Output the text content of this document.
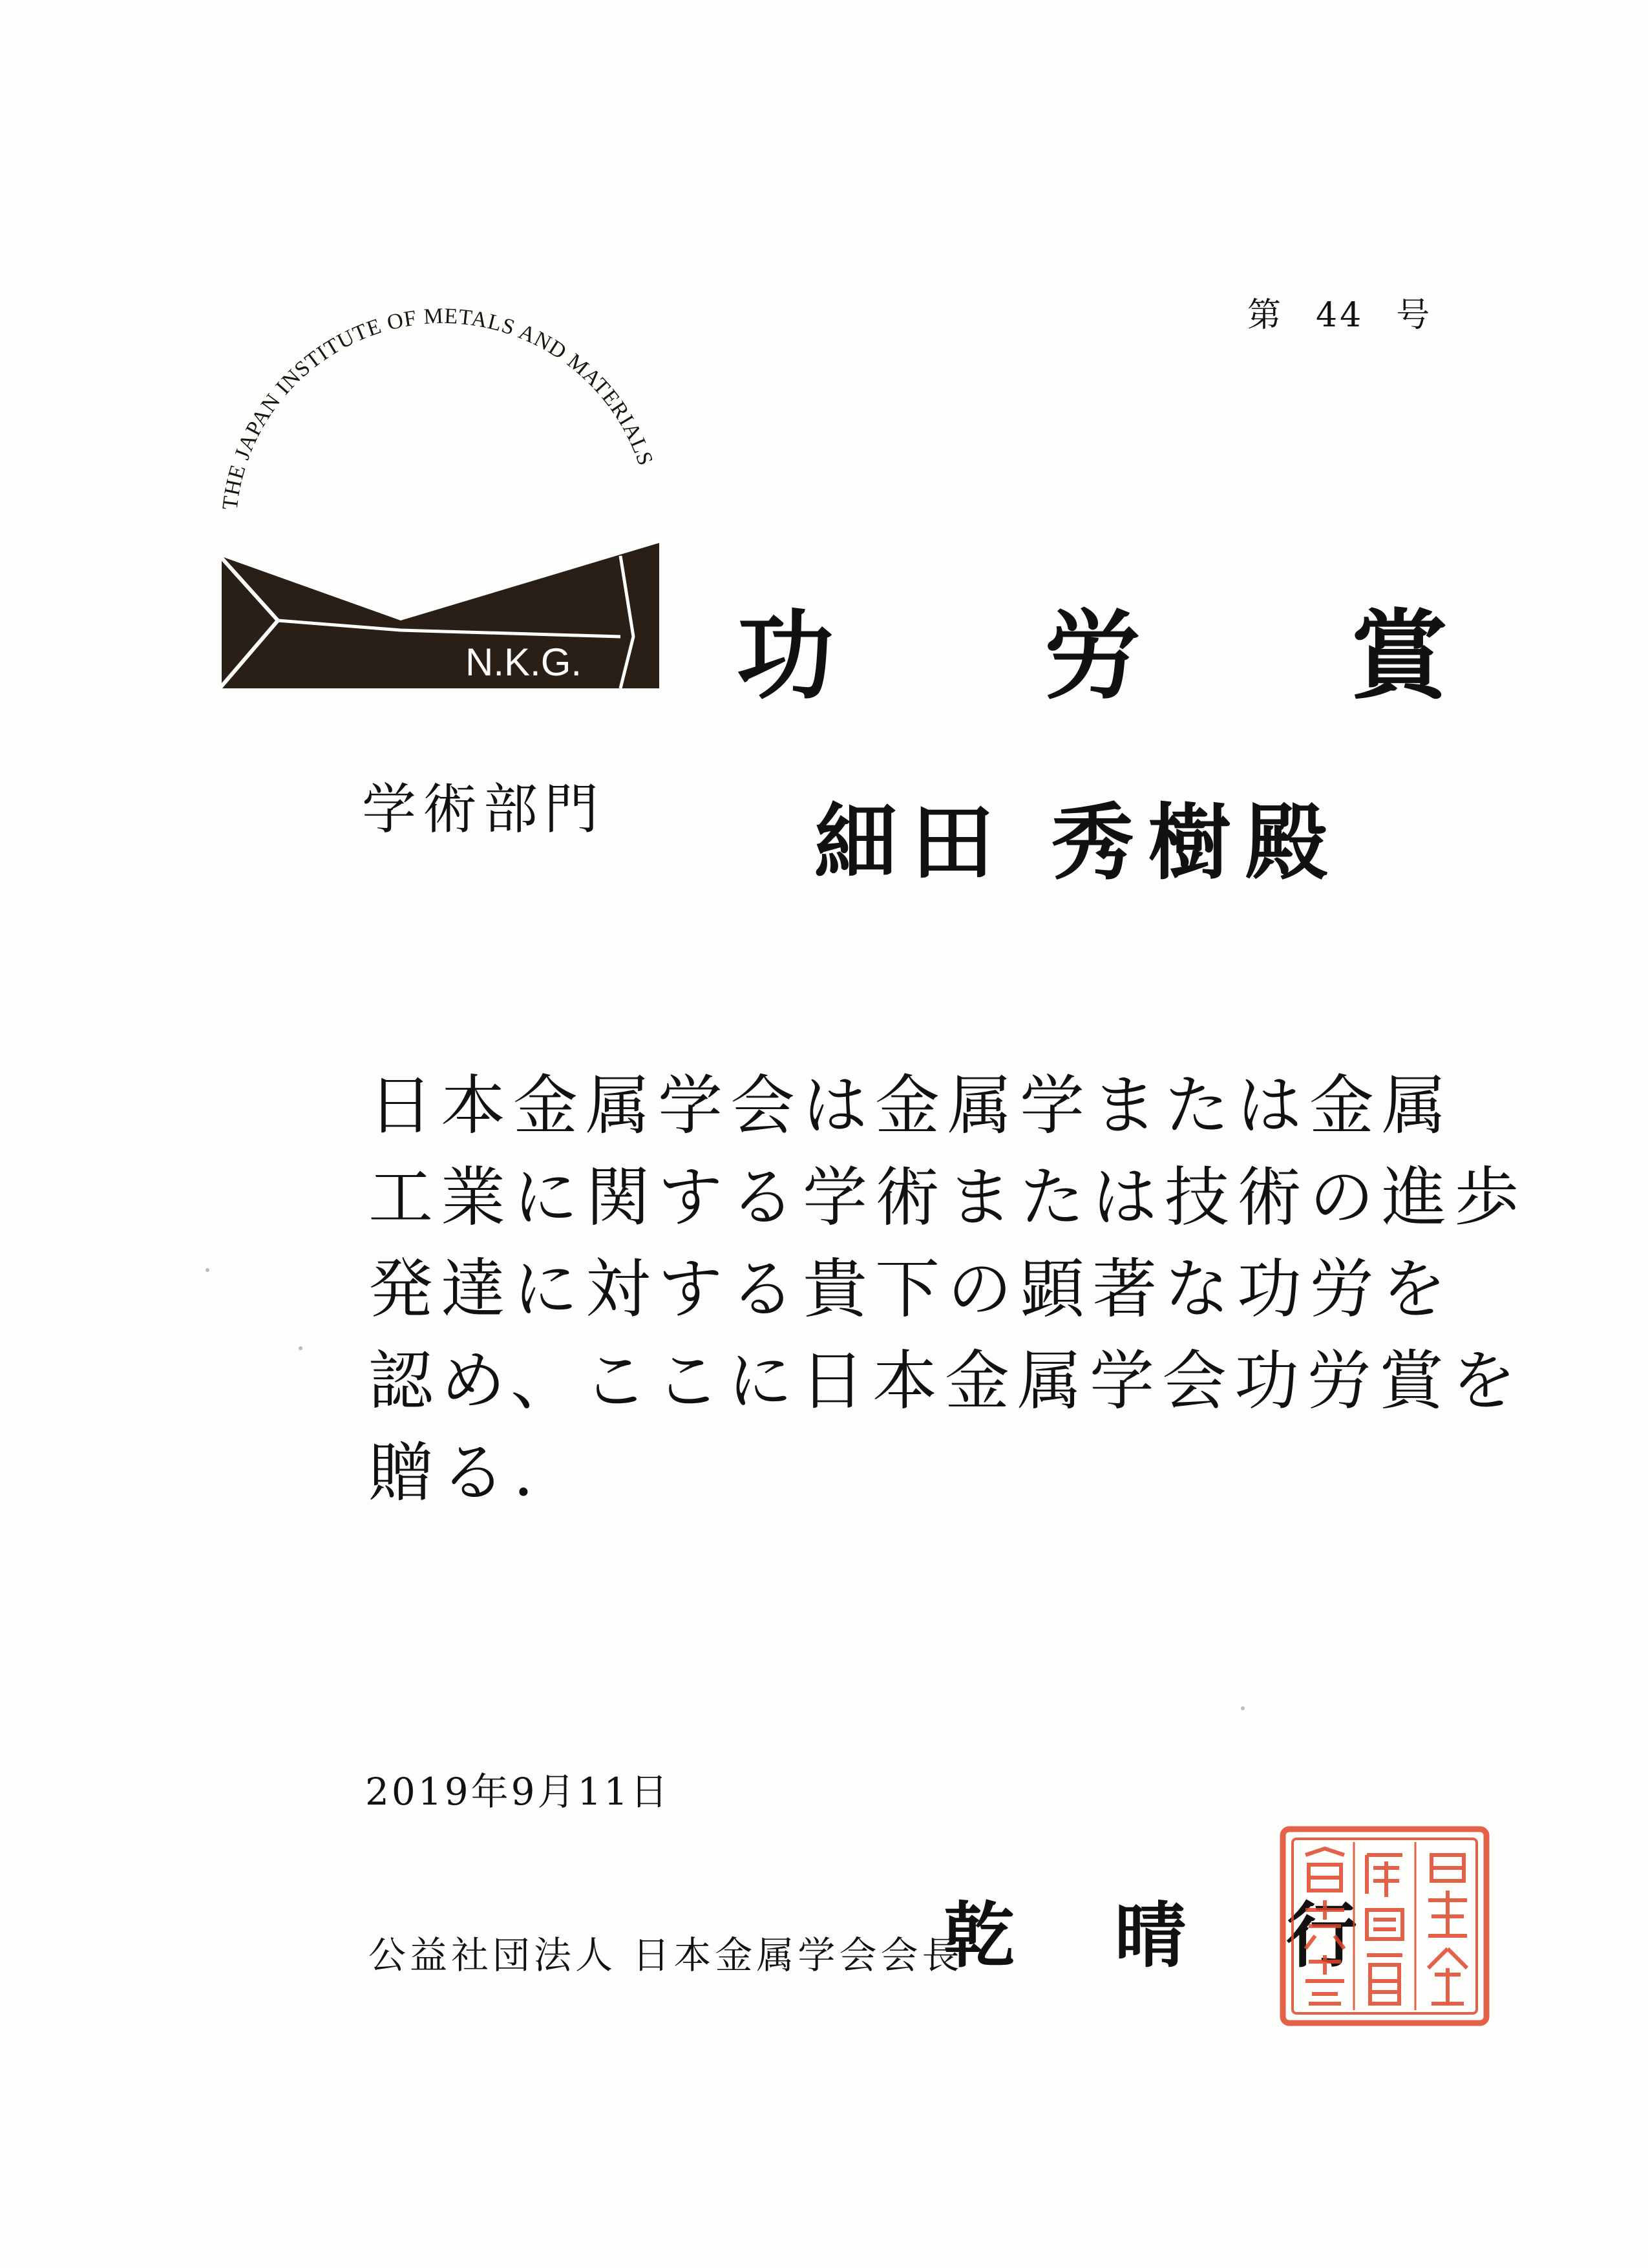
第 44 号
THE JAPAN INSTITUTE OF METALS AND MATERIALS
N.K.G. 功 労 賞
学術部門	細田 秀樹殿
日本金属学会は金属学または金属
工業に関する学術または技術の進歩
発達に対する貴下の顕著な功労を
認め、ここに日本金属学会功労賞を
贈る.
2019年9月11日
公益社団法人 日本金属学会会長
乾 晴 行
